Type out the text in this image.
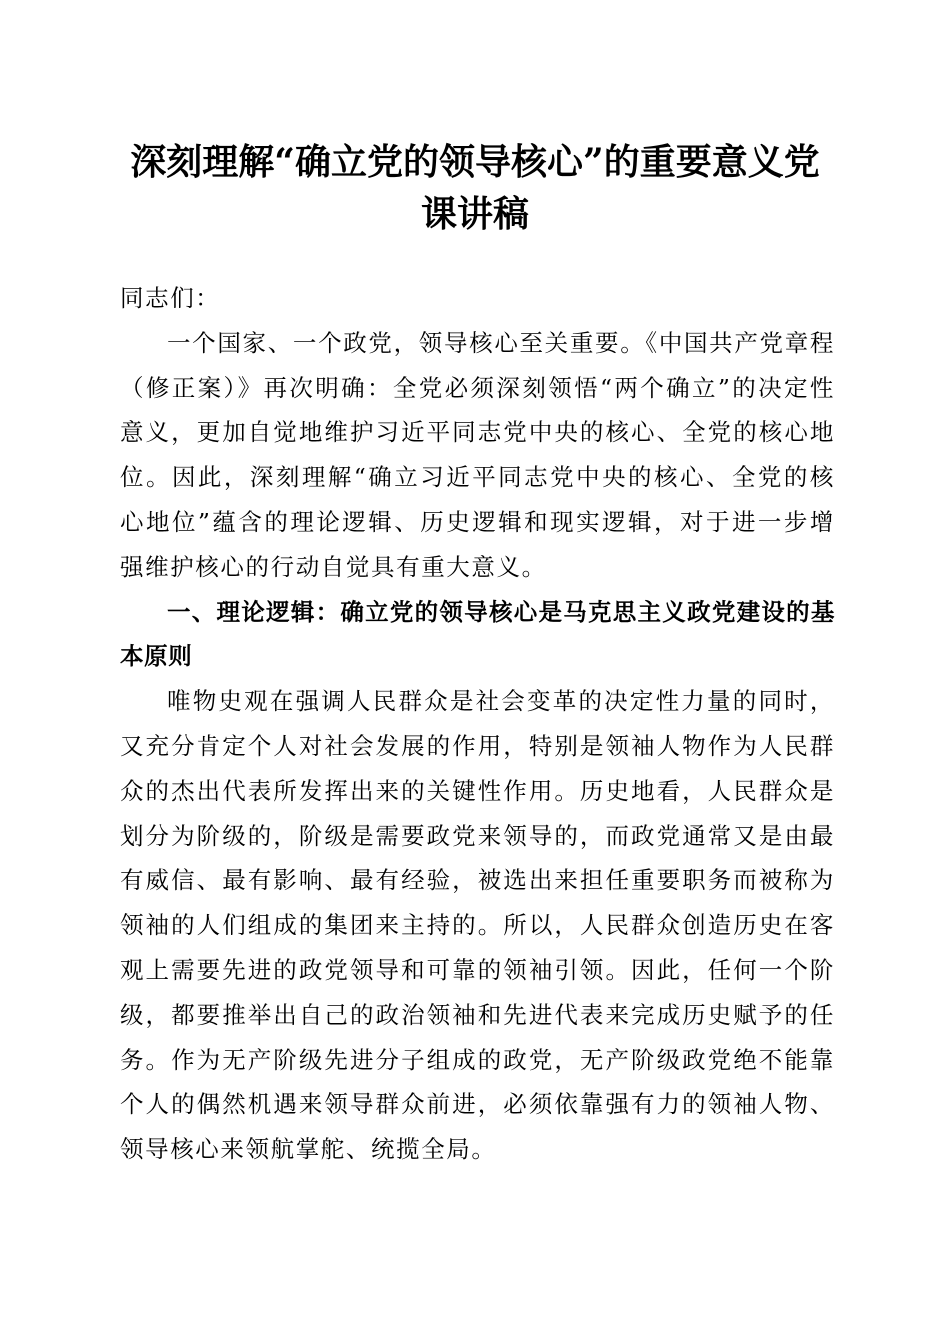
深刻理解“确立党的领导核心”的重要意义党
课讲稿

同志们：

一个国家、一个政党，领导核心至关重要。《中国共产党章程（修正案）》再次明确：全党必须深刻领悟“两个确立”的决定性意义，更加自觉地维护习近平同志党中央的核心、全党的核心地位。因此，深刻理解“确立习近平同志党中央的核心、全党的核心地位”蕴含的理论逻辑、历史逻辑和现实逻辑，对于进一步增强维护核心的行动自觉具有重大意义。

一、理论逻辑：确立党的领导核心是马克思主义政党建设的基本原则

唯物史观在强调人民群众是社会变革的决定性力量的同时，又充分肯定个人对社会发展的作用，特别是领袖人物作为人民群众的杰出代表所发挥出来的关键性作用。历史地看，人民群众是划分为阶级的，阶级是需要政党来领导的，而政党通常又是由最有威信、最有影响、最有经验，被选出来担任重要职务而被称为领袖的人们组成的集团来主持的。所以，人民群众创造历史在客观上需要先进的政党领导和可靠的领袖引领。因此，任何一个阶级，都要推举出自己的政治领袖和先进代表来完成历史赋予的任务。作为无产阶级先进分子组成的政党，无产阶级政党绝不能靠个人的偶然机遇来领导群众前进，必须依靠强有力的领袖人物、领导核心来领航掌舵、统揽全局。
